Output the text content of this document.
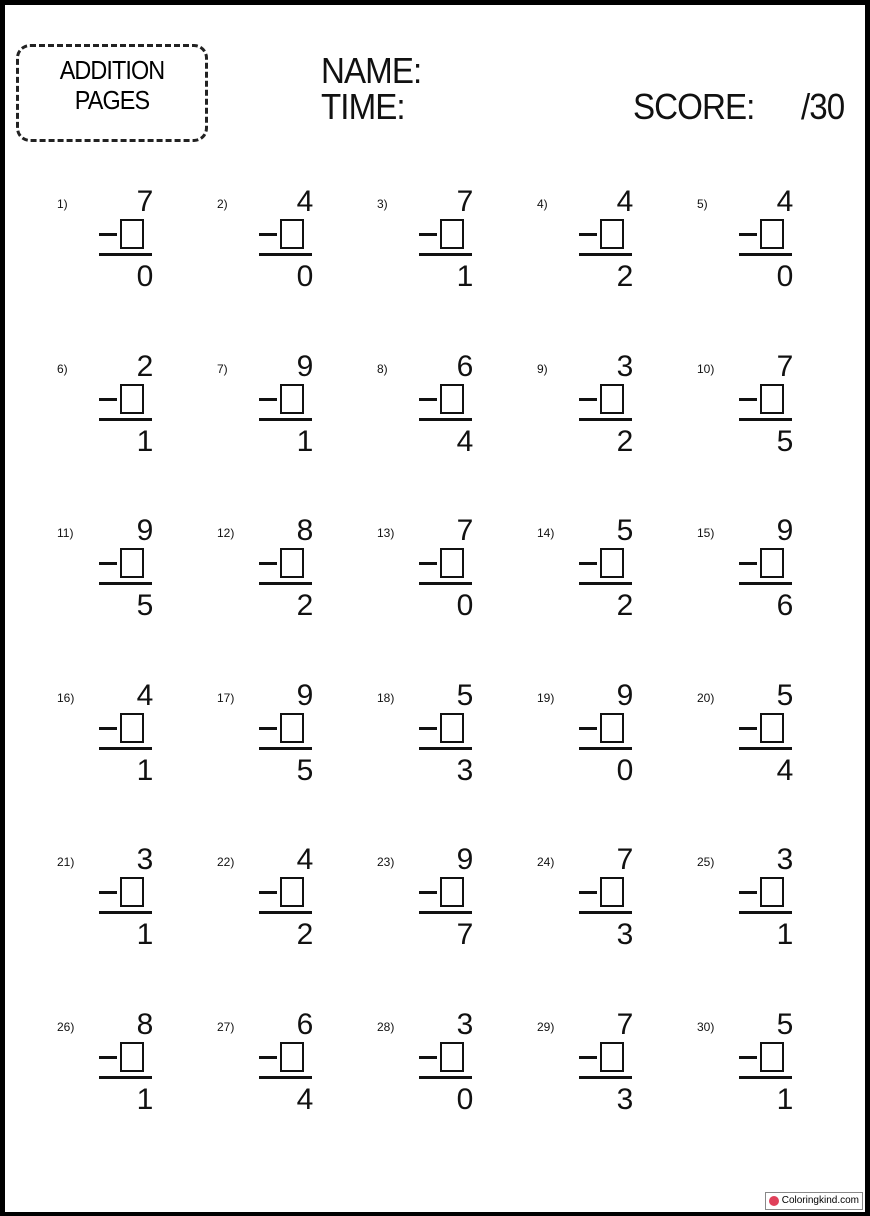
ADDITION
PAGES
NAME:
TIME:	SCORE: /30
1)	7
0
2)	4
0
3)	7
1
4)	4
2
5)	4
0
6)	2
1
7)	9
1
8)	6
4
9)	3
2
10)	7
5
11)	9
5
12)	8
2
13)	7
0
14)	5
2
15)	9
6
16)	4
1
17)	9
5
18)	5
3
19)	9
0
20)	5
4
21)	3
1
22)	4
2
23)	9
7
24)	7
3
25)	3
1
26)	8
1
27)	6
4
28)	3
0
29)	7
3
30)	5
1
Coloringkind.com
